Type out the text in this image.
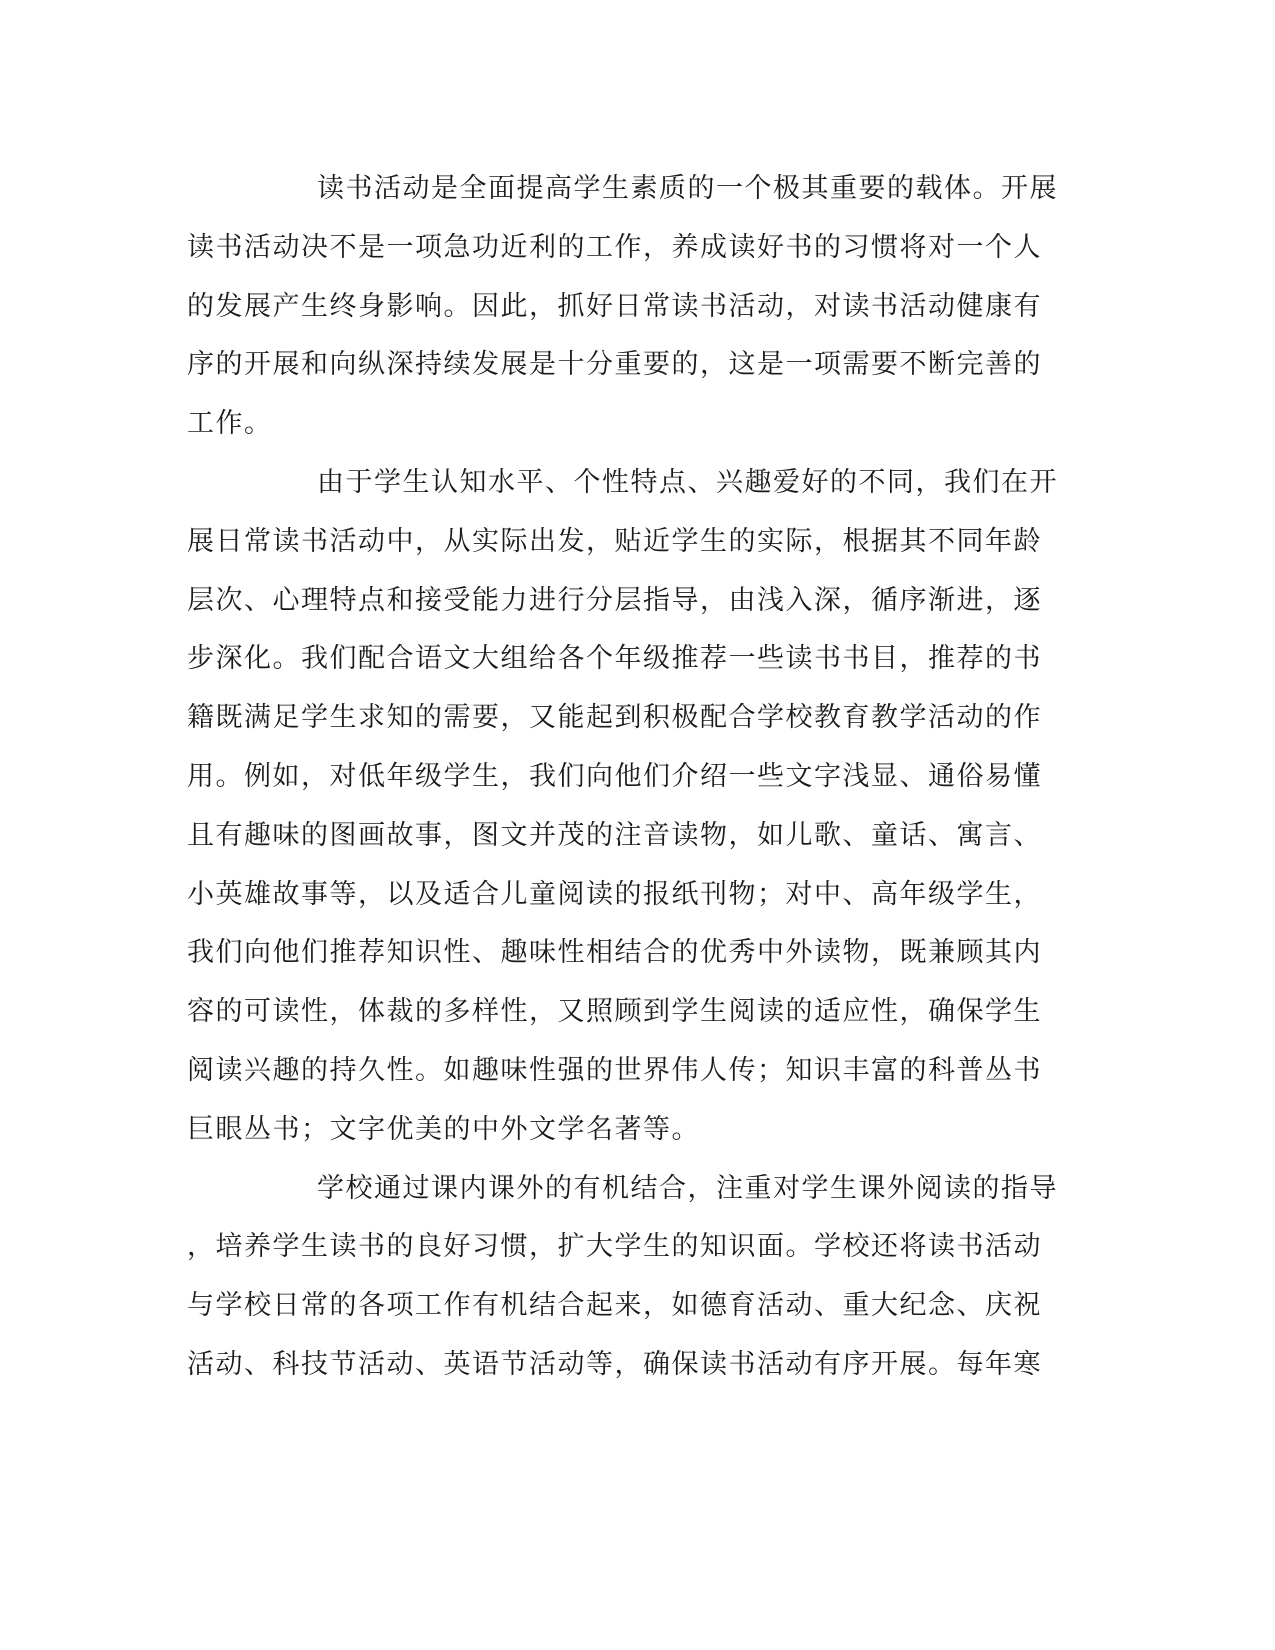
读书活动是全面提高学生素质的一个极其重要的载体。开展
读书活动决不是一项急功近利的工作，养成读好书的习惯将对一个人
的发展产生终身影响。因此，抓好日常读书活动，对读书活动健康有
序的开展和向纵深持续发展是十分重要的，这是一项需要不断完善的
工作。
由于学生认知水平、个性特点、兴趣爱好的不同，我们在开
展日常读书活动中，从实际出发，贴近学生的实际，根据其不同年龄
层次、心理特点和接受能力进行分层指导，由浅入深，循序渐进，逐
步深化。我们配合语文大组给各个年级推荐一些读书书目，推荐的书
籍既满足学生求知的需要，又能起到积极配合学校教育教学活动的作
用。例如，对低年级学生，我们向他们介绍一些文字浅显、通俗易懂
且有趣味的图画故事，图文并茂的注音读物，如儿歌、童话、寓言、
小英雄故事等，以及适合儿童阅读的报纸刊物；对中、高年级学生，
我们向他们推荐知识性、趣味性相结合的优秀中外读物，既兼顾其内
容的可读性，体裁的多样性，又照顾到学生阅读的适应性，确保学生
阅读兴趣的持久性。如趣味性强的世界伟人传；知识丰富的科普丛书
巨眼丛书；文字优美的中外文学名著等。
学校通过课内课外的有机结合，注重对学生课外阅读的指导
，培养学生读书的良好习惯，扩大学生的知识面。学校还将读书活动
与学校日常的各项工作有机结合起来，如德育活动、重大纪念、庆祝
活动、科技节活动、英语节活动等，确保读书活动有序开展。每年寒
